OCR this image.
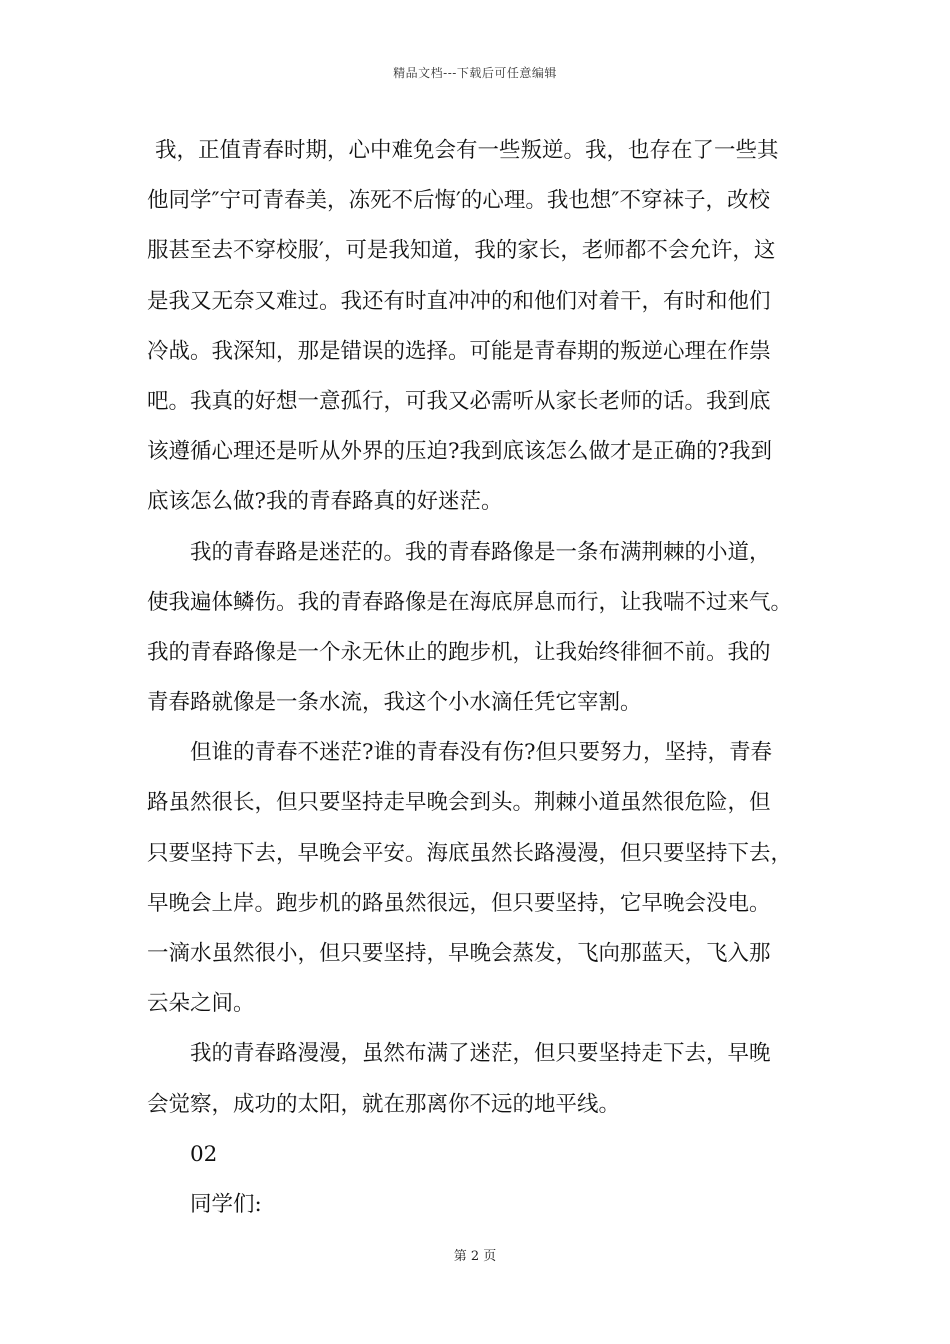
精品文档---下载后可任意编辑
我，正值青春时期，心中难免会有一些叛逆。我，也存在了一些其
他同学″宁可青春美，冻死不后悔′的心理。我也想″不穿袜子，改校
服甚至去不穿校服′，可是我知道，我的家长，老师都不会允许，这
是我又无奈又难过。我还有时直冲冲的和他们对着干，有时和他们
冷战。我深知，那是错误的选择。可能是青春期的叛逆心理在作祟
吧。我真的好想一意孤行，可我又必需听从家长老师的话。我到底
该遵循心理还是听从外界的压迫?我到底该怎么做才是正确的?我到
底该怎么做?我的青春路真的好迷茫。
我的青春路是迷茫的。我的青春路像是一条布满荆棘的小道，
使我遍体鳞伤。我的青春路像是在海底屏息而行，让我喘不过来气。
我的青春路像是一个永无休止的跑步机，让我始终徘徊不前。我的
青春路就像是一条水流，我这个小水滴任凭它宰割。
但谁的青春不迷茫?谁的青春没有伤?但只要努力，坚持，青春
路虽然很长，但只要坚持走早晚会到头。荆棘小道虽然很危险，但
只要坚持下去，早晚会平安。海底虽然长路漫漫，但只要坚持下去，
早晚会上岸。跑步机的路虽然很远，但只要坚持，它早晚会没电。
一滴水虽然很小，但只要坚持，早晚会蒸发，飞向那蓝天，飞入那
云朵之间。
我的青春路漫漫，虽然布满了迷茫，但只要坚持走下去，早晚
会觉察，成功的太阳，就在那离你不远的地平线。
02
同学们:
第 2 页
